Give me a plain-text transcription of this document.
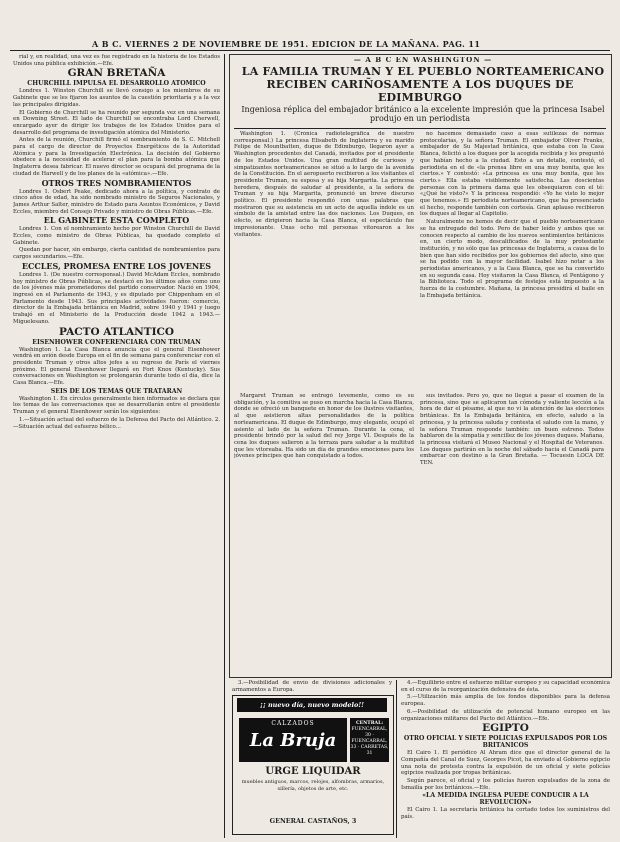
A B C. VIERNES 2 DE NOVIEMBRE DE 1951. EDICION DE LA MAÑANA. PAG. 11

rial y, en realidad, una vez es fue registrado en la historia de los Estados Unidos una pública exhibición.—Efe.

GRAN BRETAÑA

CHURCHILL IMPULSA EL DESARROLLO ATOMICO

Londres 1. Winston Churchill se llevó consigo a los miembros de su Gabinete que se les fijaron los asuntos de la cuestión prioritaria y a la vez las principales dirigidas.

El Gobierno de Churchill se ha reunido por segunda vez en una semana en Downing Street. El lado de Churchill se encontraba Lord Cherwell, encargado ayer de dirigir los trabajos de los Estados Unidos para el desarrollo del programa de investigación atómica del Ministerio.

Antes de la reunión, Churchill firmó el nombramiento de S. C. Mitchell para el cargo de director de Proyectos Energéticos de la Autoridad Atómica y para la Investigación Electrónica. La decisión del Gobierno obedece a la necesidad de acelerar el plan para la bomba atómica que Inglaterra desea fabricar. El nuevo director se ocupará del programa de la ciudad de Harwell y de los planes de la «atómica».—Efe.

OTROS TRES NOMBRAMIENTOS

Londres 1. Osbert Peake, dedicado ahora a la política, y contrato de cinco años de edad, ha sido nombrado ministro de Seguros Nacionales, y James Arthur Salter, ministro de Estado para Asuntos Económicos, y David Eccles, miembro del Consejo Privado y ministro de Obras Públicas.—Efe.

EL GABINETE ESTA COMPLETO

Londres 1. Con el nombramiento hecho por Winston Churchill de David Eccles, como ministro de Obras Públicas, ha quedado completo el Gabinete.

Quedan por hacer, sin embargo, cierta cantidad de nombramientos para cargos secundarios.—Efe.

ECCLES, PROMESA ENTRE LOS JOVENES

Londres 1. (De nuestro corresponsal.) David McAdam Eccles, nombrado hoy ministro de Obras Públicas, se destacó en los últimos años como uno de los jóvenes más prometedores del partido conservador. Nació en 1904, ingresó en el Parlamento de 1943, y es diputado por Chippenham en el Parlamento desde 1943. Sus principales actividades fueron: comercio, director de la Embajada británica en Madrid, sobre 1940 y 1941 y luego trabajó en el Ministerio de la Producción desde 1942 a 1943.—Miguelesano.

PACTO ATLANTICO

EISENHOWER CONFERENCIARA CON TRUMAN

Washington 1. La Casa Blanca anuncia que el general Eisenhower vendrá en avión desde Europa en el fin de semana para conferenciar con el presidente Truman y otros altos jefes a su regreso de París el viernes próximo. El general Eisenhower llegará en Fort Knox (Kentucky). Sus conversaciones en Washington se prolongarán durante todo el día, dice la Casa Blanca.—Efe.

SEIS DE LOS TEMAS QUE TRATARAN

Washington 1. En círculos generalmente bien informados se declara que los temas de las conversaciones que se desarrollarán entre el presidente Truman y el general Eisenhower serán los siguientes:

1.—Situación actual del esfuerzo de la Defensa del Pacto del Atlántico. 2.—Situación actual del esfuerzo bélico...

— A B C EN WASHINGTON —

LA FAMILIA TRUMAN Y EL PUEBLO NORTEAMERICANO RECIBEN CARIÑOSAMENTE A LOS DUQUES DE EDIMBURGO

Ingeniosa réplica del embajador británico a la excelente impresión que la princesa Isabel produjo en un periodista

Washington 1. (Crónica radiotelegráfica de nuestro corresponsal.) La princesa Elisabeth de Inglaterra y su marido Felipe de Mountbatten, duque de Edimburgo, llegaron ayer a Washington procedentes del Canadá, invitados por el presidente de los Estados Unidos. Una gran multitud de curiosos y simpatizantes norteamericanos se situó a lo largo de la avenida de la Constitución. En el aeropuerto recibieron a los visitantes el presidente Truman, su esposa y su hija Margarita. La princesa heredera, después de saludar al presidente, a la señora de Truman y su hija Margarita, pronunció un breve discurso político. El presidente respondió con unas palabras que mostraron que su asistencia en un acto de aquella índole es un símbolo de la amistad entre las dos naciones. Los Duques, en efecto, se dirigieron hacia la Casa Blanca, el espectáculo fue impresionante. Unas ocho mil personas vitorearon a los visitantes.

Margaret Truman se entregó levemente, como es su obligación, y la comitiva se puso en marcha hacia la Casa Blanca, donde se ofreció un banquete en honor de los ilustres visitantes, al que asistieron altas personalidades de la política norteamericana. El duque de Edimburgo, muy elegante, ocupó el asiento al lado de la señora Truman. Durante la cena, el presidente brindó por la salud del rey Jorge VI. Después de la cena los duques salieron a la terraza para saludar a la multitud que les vitoreaba. Ha sido un día de grandes emociones para los jóvenes príncipes que han conquistado a todos.

no hacemos demasiado caso a esas sutilezas de normas protocolarias, y la señora Truman. El embajador Oliver Franks, embajador de Su Majestad británica, que estaba con la Casa Blanca, felicitó a los duques por la acogida recibida y les preguntó que habían hecho a la ciudad. Esto a un detalle, contestó, el periodista en el de «la prensa libre en una muy bonita, que les ciertos.» Y contestó: «La princesa es una muy bonita, que les cierto.» Ella estaba visiblemente satisfecha. Las doscientas personas con la primera dama que les obsequiaron con el té: «¿Qué he visto?» Y la princesa respondió: «Yo he visto lo mejor que tenemos.» El periodista norteamericano, que ha presenciado el hecho, responde también con cortesía. Gran aplauso recibieron los duques al llegar al Capitolio.

Naturalmente no hemos de decir que el pueblo norteamericano se ha entregado del todo. Pero de haber leído y ambos que se conocen respecto al cambio de los nuevos sentimientos británicos en, un cierto modo, descalificados de la muy protestante institución, y no sólo que las princesas de Inglaterra, a causa de lo bien que han sido recibidos por los gobiernos del afecto, sino que se ha podido con la mayor facilidad. Isabel hizo notar a los periodistas americanos, y a la Casa Blanca, que se ha convertido en su segunda casa. Hoy visitaron la Casa Blanca, el Pentágono y la Biblioteca. Todo el programa de festejos está impuesto a la fuerza de la costumbre. Mañana, la princesa presidirá el baile en la Embajada británica.

sus invitados. Pero yo, que no llegué a pasar el examen de la princesa, sino que se aplicaron tan cómoda y valiente lección a la hora de dar el pésame, al que no vi la atención de las elecciones británicas. En la Embajada británica, en efecto, saludo a la princesa, y la princesa saluda y contesta el saludo con la mano, y la señora Truman responde también: un buen estreno. Todos hablaron de la simpatía y sencillez de los jóvenes duques. Mañana, la princesa visitará el Museo Nacional y el Hospital de Veteranos. Los duques partirán en la noche del sábado hacia el Canadá para embarcar con destino a la Gran Bretaña. — Tocuesin LOCA DE TEN.

3.—Posibilidad de envío de divisiones adicionales y armamentos a Europa.

¡¡ nuevo día, nuevo modelo!!
CALZADOS
La Bruja
CENTRAL:
FUENCARRAL, 30 · FUENCARRAL, 33 · CARRETAS, 31
URGE LIQUIDAR
muebles antiguos, marcos, relojes, alfombras, armarios, sillería, objetos de arte, etc.
GENERAL CASTAÑOS, 3

4.—Equilibrio entre el esfuerzo militar europeo y su capacidad económica en el curso de la reorganización defensiva de ésta.

5.—Utilización más amplia de los fondos disponibles para la defensa europea.

6.—Posibilidad de utilización de potencial humano europeo en las organizaciones militares del Pacto del Atlántico.—Efe.

EGIPTO

OTRO OFICIAL Y SIETE POLICIAS EXPULSADOS POR LOS BRITANICOS

El Cairo 1. El periódico Al Ahram dice que el director general de la Compañía del Canal de Suez, Georges Picot, ha enviado al Gobierno egipcio una nota de protesta contra la expulsión de un oficial y siete policías egipcios realizada por tropas británicas.

Según parece, el oficial y los policías fueron expulsados de la zona de Ismailía por los británicos.—Efe.

«LA MEDIDA INGLESA PUEDE CONDUCIR A LA REVOLUCION»

El Cairo 1. La secretaría británica ha cortado todos los suministros del país.
